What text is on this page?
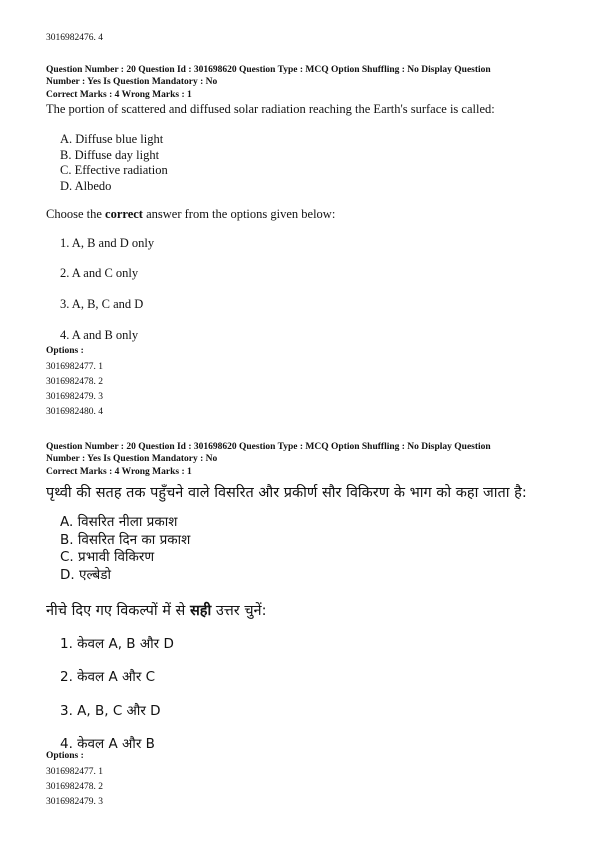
3016982476. 4
Question Number : 20 Question Id : 301698620 Question Type : MCQ Option Shuffling : No Display Question
Number : Yes Is Question Mandatory : No
Correct Marks : 4 Wrong Marks : 1
The portion of scattered and diffused solar radiation reaching the Earth's surface is called:
A. Diffuse blue light
B. Diffuse day light
C. Effective radiation
D. Albedo
Choose the correct answer from the options given below:
1. A, B and D only
2. A and C only
3. A, B, C and D
4. A and B only
Options :
3016982477. 1
3016982478. 2
3016982479. 3
3016982480. 4
Question Number : 20 Question Id : 301698620 Question Type : MCQ Option Shuffling : No Display Question
Number : Yes Is Question Mandatory : No
Correct Marks : 4 Wrong Marks : 1
पृथ्वी की सतह तक पहुँचने वाले विसरित और प्रकीर्ण सौर विकिरण के भाग को कहा जाता है:
A. विसरित नीला प्रकाश
B. विसरित दिन का प्रकाश
C. प्रभावी विकिरण
D. एल्बेडो
नीचे दिए गए विकल्पों में से सही उत्तर चुनें:
1. केवल A, B और D
2. केवल A और C
3. A, B, C और D
4. केवल A और B
Options :
3016982477. 1
3016982478. 2
3016982479. 3
